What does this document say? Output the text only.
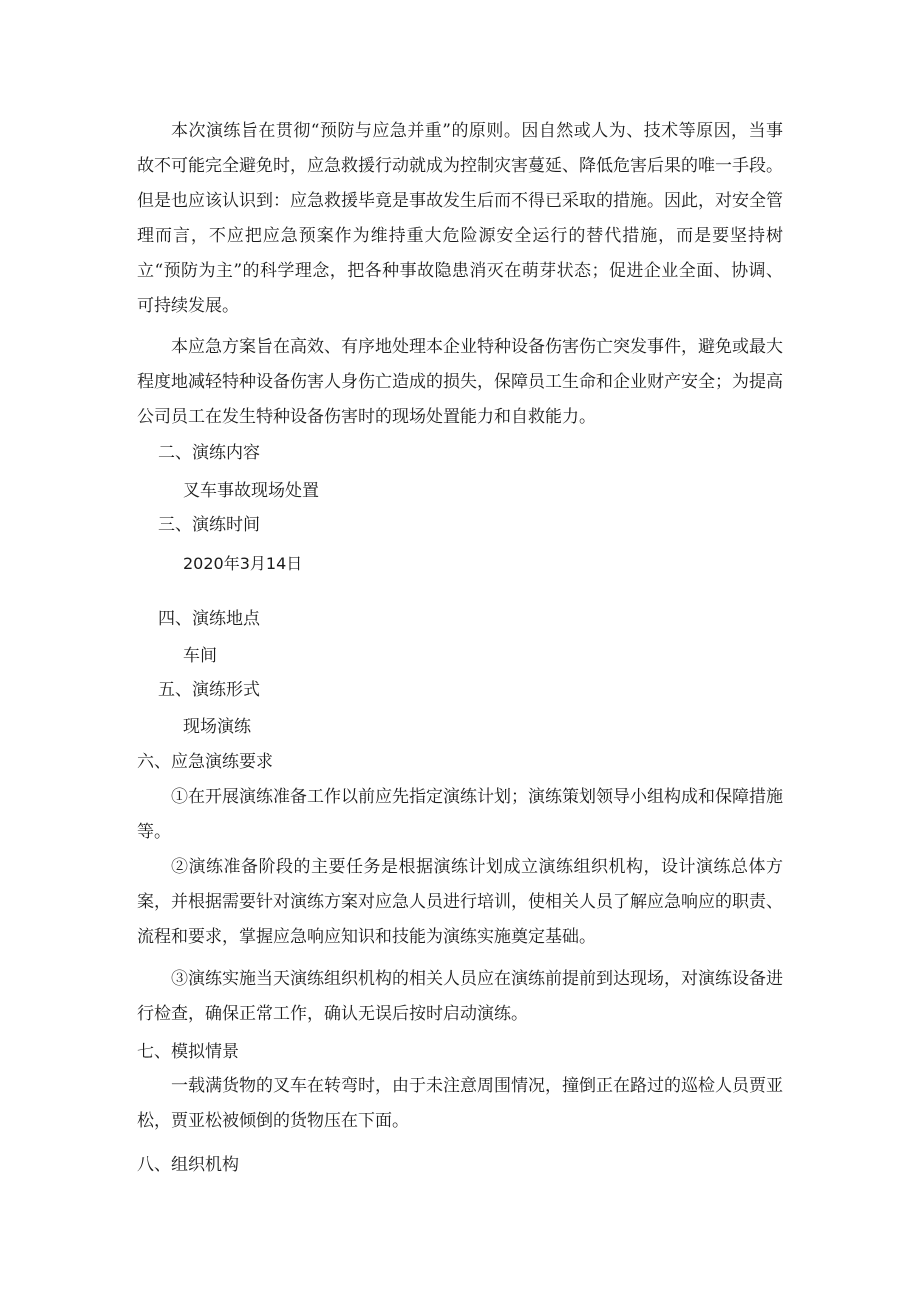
本次演练旨在贯彻“预防与应急并重”的原则。因自然或人为、技术等原因，当事故不可能完全避免时，应急救援行动就成为控制灾害蔓延、降低危害后果的唯一手段。但是也应该认识到：应急救援毕竟是事故发生后而不得已采取的措施。因此，对安全管理而言，不应把应急预案作为维持重大危险源安全运行的替代措施，而是要坚持树立“预防为主”的科学理念，把各种事故隐患消灭在萌芽状态；促进企业全面、协调、可持续发展。

本应急方案旨在高效、有序地处理本企业特种设备伤害伤亡突发事件，避免或最大程度地减轻特种设备伤害人身伤亡造成的损失，保障员工生命和企业财产安全；为提高公司员工在发生特种设备伤害时的现场处置能力和自救能力。

二、演练内容

叉车事故现场处置

三、演练时间

2020年3月14日

四、演练地点

车间

五、演练形式

现场演练

六、应急演练要求

①在开展演练准备工作以前应先指定演练计划；演练策划领导小组构成和保障措施等。

②演练准备阶段的主要任务是根据演练计划成立演练组织机构，设计演练总体方案，并根据需要针对演练方案对应急人员进行培训，使相关人员了解应急响应的职责、流程和要求，掌握应急响应知识和技能为演练实施奠定基础。

③演练实施当天演练组织机构的相关人员应在演练前提前到达现场，对演练设备进行检查，确保正常工作，确认无误后按时启动演练。

七、模拟情景

一载满货物的叉车在转弯时，由于未注意周围情况，撞倒正在路过的巡检人员贾亚松，贾亚松被倾倒的货物压在下面。

八、组织机构
